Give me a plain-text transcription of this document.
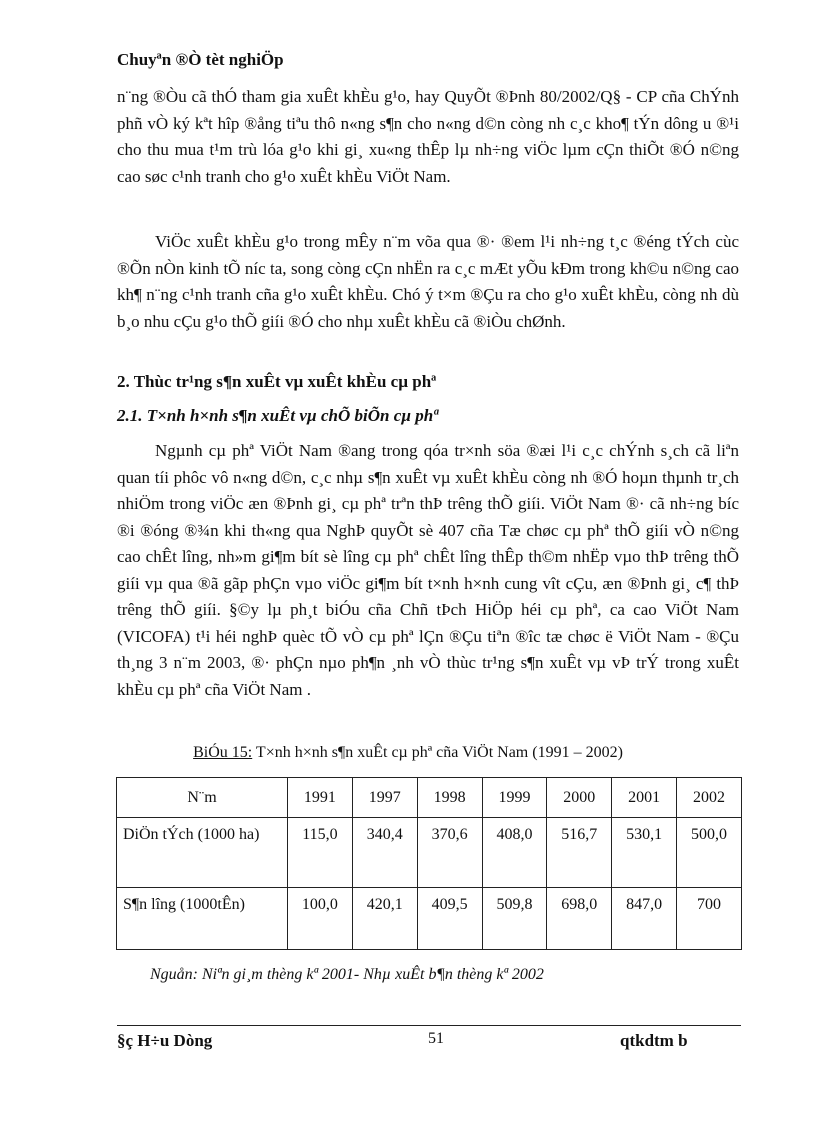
Chuyªn ®Ò tèt nghiÖp
n¨ng ®Òu cã thÓ tham gia xuÊt khÈu g¹o, hay QuyÕt ®Þnh 80/2002/Q§ - CP cña ChÝnh phñ vÒ ký kªt hîp ®ång tiªu thô n«ng s¶n cho n«ng d©n còng nh c¸c kho¶ tÝn dông u ®¹i cho thu mua t¹m trù lóa g¹o khi gi¸ xu«ng thÊp lµ nh÷ng viÖc lµm cÇn thiÕt ®Ó n©ng cao søc c¹nh tranh cho g¹o xuÊt khÈu ViÖt Nam.
ViÖc xuÊt khÈu g¹o trong mÊy n¨m võa qua ®· ®em l¹i nh÷ng t¸c ®éng tÝch cùc ®Õn nÒn kinh tÕ níc ta, song còng cÇn nhËn ra c¸c mÆt yÕu kÐm trong kh©u n©ng cao kh¶ n¨ng c¹nh tranh cña g¹o xuÊt khÈu. Chó ý t×m ®Çu ra cho g¹o xuÊt khÈu, còng nh dù b¸o nhu cÇu g¹o thÕ giíi ®Ó cho nhµ xuÊt khÈu cã ®iÒu chØnh.
2. Thùc tr¹ng s¶n xuÊt vµ xuÊt khÈu cµ phª
2.1. T×nh h×nh s¶n xuÊt vµ chÕ biÕn cµ phª
Ngµnh cµ phª ViÖt Nam ®ang trong qóa tr×nh söa ®æi l¹i c¸c chÝnh s¸ch cã liªn quan tíi phôc vô n«ng d©n, c¸c nhµ s¶n xuÊt vµ xuÊt khÈu còng nh ®Ó hoµn thµnh tr¸ch nhiÖm trong viÖc æn ®Þnh gi¸ cµ phª trªn thÞ trêng thÕ giíi. ViÖt Nam ®· cã nh÷ng bíc ®i ®óng ®¾n khi th«ng qua NghÞ quyÕt sè 407 cña Tæ chøc cµ phª thÕ giíi vÒ n©ng cao chÊt lîng, nh»m gi¶m bít sè lîng cµ phª chÊt lîng thÊp th©m nhËp vµo thÞ trêng thÕ giíi vµ qua ®ã gãp phÇn vµo viÖc gi¶m bít t×nh h×nh cung vît cÇu, æn ®Þnh gi¸ c¶ thÞ trêng thÕ giíi. §©y lµ ph¸t biÓu cña Chñ tÞch HiÖp héi cµ phª, ca cao ViÖt Nam (VICOFA) t¹i héi nghÞ quèc tÕ vÒ cµ phª lÇn ®Çu tiªn ®îc tæ chøc ë ViÖt Nam - ®Çu th¸ng 3 n¨m 2003, ®· phÇn nµo ph¶n ¸nh vÒ thùc tr¹ng s¶n xuÊt vµ vÞ trÝ trong xuÊt khÈu cµ phª cña ViÖt Nam .
BiÓu 15: T×nh h×nh s¶n xuÊt cµ phª cña ViÖt Nam (1991 – 2002)
N¨m	1991	1997	1998	1999	2000	2001	2002
DiÖn tÝch (1000 ha)	115,0	340,4	370,6	408,0	516,7	530,1	500,0
S¶n lîng (1000tÊn)	100,0	420,1	409,5	509,8	698,0	847,0	700
Nguån: Niªn gi¸m thèng kª 2001- Nhµ xuÊt b¶n thèng kª 2002
§ç H÷u Dòng	51	qtkdtm b
